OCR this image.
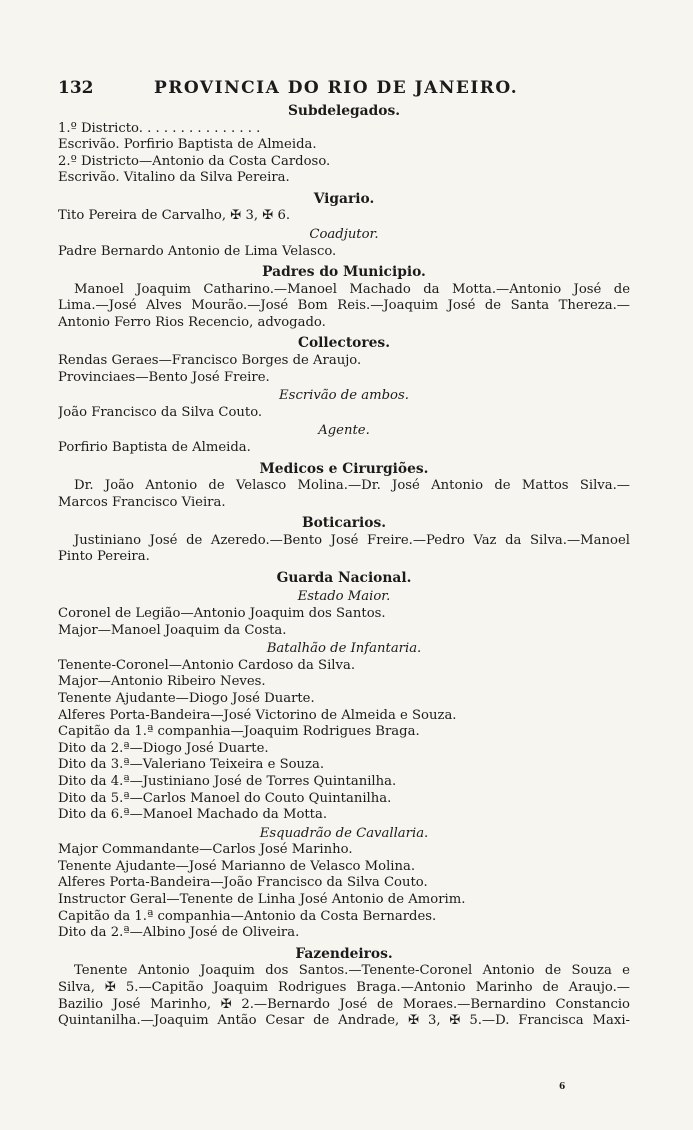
132	PROVINCIA DO RIO DE JANEIRO.
Subdelegados.
1.º Districto. . . . . . . . . . . . . . .
Escrivão. Porfirio Baptista de Almeida.
2.º Districto—Antonio da Costa Cardoso.
Escrivão. Vitalino da Silva Pereira.
Vigario.
Tito Pereira de Carvalho, ✠ 3, ✠ 6.
Coadjutor.
Padre Bernardo Antonio de Lima Velasco.
Padres do Municipio.
Manoel Joaquim Catharino.—Manoel Machado da Motta.—Antonio José de
Lima.—José Alves Mourão.—José Bom Reis.—Joaquim José de Santa Thereza.—
Antonio Ferro Rios Recencio, advogado.
Collectores.
Rendas Geraes—Francisco Borges de Araujo.
Provinciaes—Bento José Freire.
Escrivão de ambos.
João Francisco da Silva Couto.
Agente.
Porfirio Baptista de Almeida.
Medicos e Cirurgiões.
Dr. João Antonio de Velasco Molina.—Dr. José Antonio de Mattos Silva.—
Marcos Francisco Vieira.
Boticarios.
Justiniano José de Azeredo.—Bento José Freire.—Pedro Vaz da Silva.—Manoel
Pinto Pereira.
Guarda Nacional.
Estado Maior.
Coronel de Legião—Antonio Joaquim dos Santos.
Major—Manoel Joaquim da Costa.
Batalhão de Infantaria.
Tenente-Coronel—Antonio Cardoso da Silva.
Major—Antonio Ribeiro Neves.
Tenente Ajudante—Diogo José Duarte.
Alferes Porta-Bandeira—José Victorino de Almeida e Souza.
Capitão da 1.ª companhia—Joaquim Rodrigues Braga.
Dito da 2.ª—Diogo José Duarte.
Dito da 3.ª—Valeriano Teixeira e Souza.
Dito da 4.ª—Justiniano José de Torres Quintanilha.
Dito da 5.ª—Carlos Manoel do Couto Quintanilha.
Dito da 6.ª—Manoel Machado da Motta.
Esquadrão de Cavallaria.
Major Commandante—Carlos José Marinho.
Tenente Ajudante—José Marianno de Velasco Molina.
Alferes Porta-Bandeira—João Francisco da Silva Couto.
Instructor Geral—Tenente de Linha José Antonio de Amorim.
Capitão da 1.ª companhia—Antonio da Costa Bernardes.
Dito da 2.ª—Albino José de Oliveira.
Fazendeiros.
Tenente Antonio Joaquim dos Santos.—Tenente-Coronel Antonio de Souza e
Silva, ✠ 5.—Capitão Joaquim Rodrigues Braga.—Antonio Marinho de Araujo.—
Bazilio José Marinho, ✠ 2.—Bernardo José de Moraes.—Bernardino Constancio
Quintanilha.—Joaquim Antão Cesar de Andrade, ✠ 3, ✠ 5.—D. Francisca Maxi-
6
